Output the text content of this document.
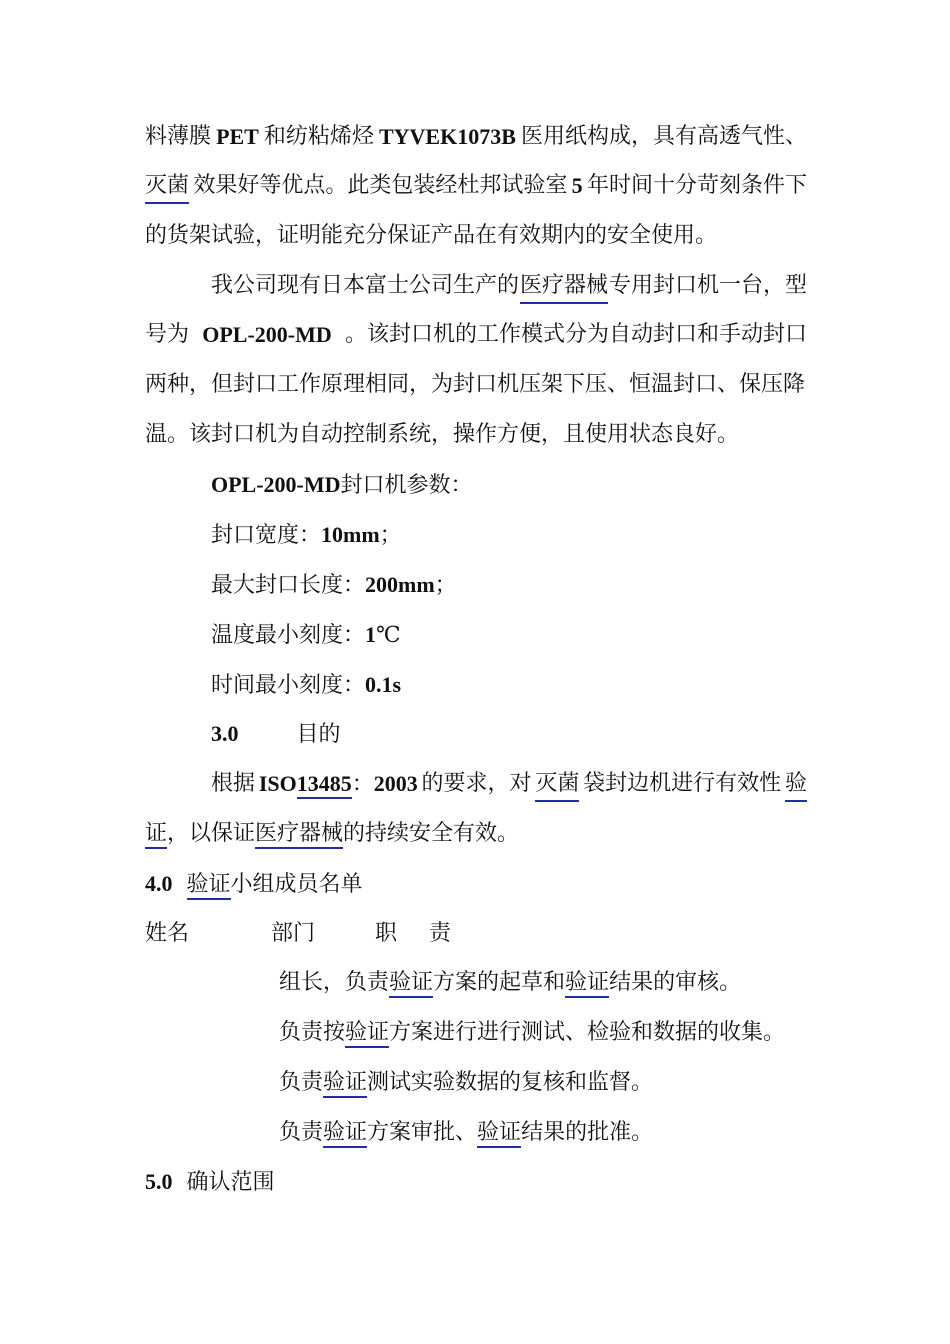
料薄膜 PET 和纺粘烯烃 TYVEK1073B 医用纸构成，具有高透气性、
灭菌 效果好等优点。此类包装经杜邦试验室 5 年时间十分苛刻条件下
的货架试验，证明能充分保证产品在有效期内的安全使用。
我公司现有日本富士公司生产的 医疗器械 专用封口机一台，型
号为 OPL-200-MD 。该封口机的工作模式分为自动封口和手动封口
两种，但封口工作原理相同，为封口机压架下压、恒温封口、保压降
温。该封口机为自动控制系统，操作方便，且使用状态良好。
OPL-200-MD封口机参数：
封口宽度：10mm；
最大封口长度：200mm；
温度最小刻度：1℃
时间最小刻度：0.1s
3.0	目的
根据 ISO13485：2003 的要求，对 灭菌 袋封边机进行有效性 验
证，以保证医疗器械的持续安全有效。
4.0 验证小组成员名单
姓名	部门	职 责
组长，负责验证方案的起草和验证结果的审核。
负责按验证方案进行进行测试、检验和数据的收集。
负责验证测试实验数据的复核和监督。
负责验证方案审批、验证结果的批准。
5.0 确认范围
